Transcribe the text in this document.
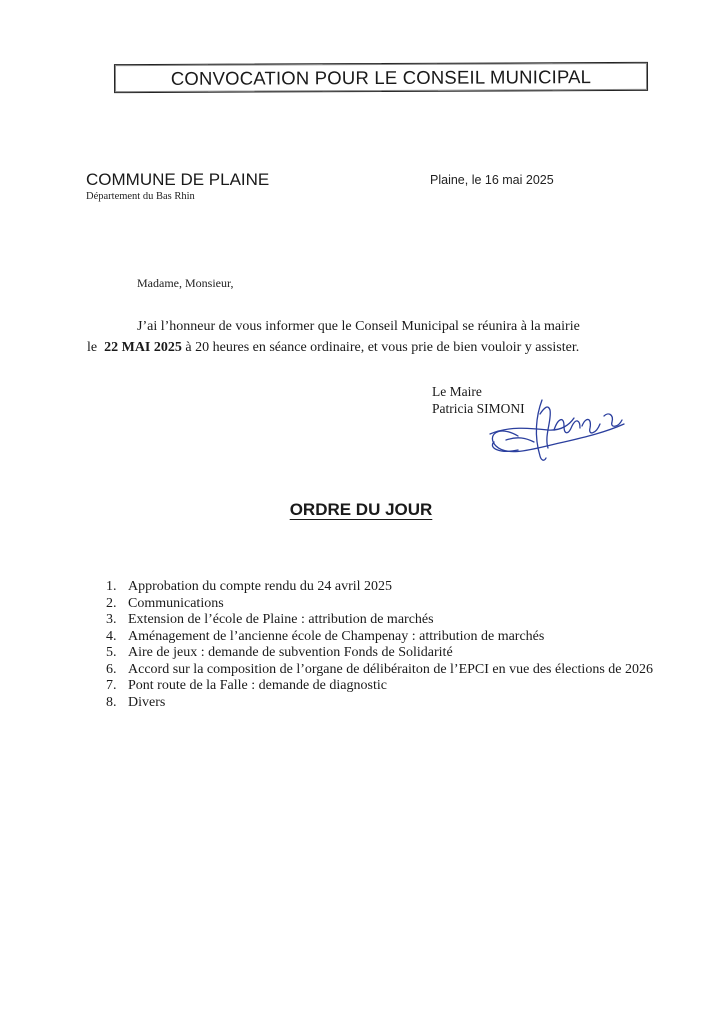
CONVOCATION POUR LE CONSEIL MUNICIPAL
COMMUNE DE PLAINE
Département du Bas Rhin
Plaine, le 16 mai 2025
Madame, Monsieur,
J’ai l’honneur de vous informer que le Conseil Municipal se réunira à la mairie
le 22 MAI 2025 à 20 heures en séance ordinaire, et vous prie de bien vouloir y assister.
Le Maire
Patricia SIMONI
ORDRE DU JOUR
1. Approbation du compte rendu du 24 avril 2025
2. Communications
3. Extension de l’école de Plaine : attribution de marchés
4. Aménagement de l’ancienne école de Champenay : attribution de marchés
5. Aire de jeux : demande de subvention Fonds de Solidarité
6. Accord sur la composition de l’organe de délibéraiton de l’EPCI en vue des élections de 2026
7. Pont route de la Falle : demande de diagnostic
8. Divers
